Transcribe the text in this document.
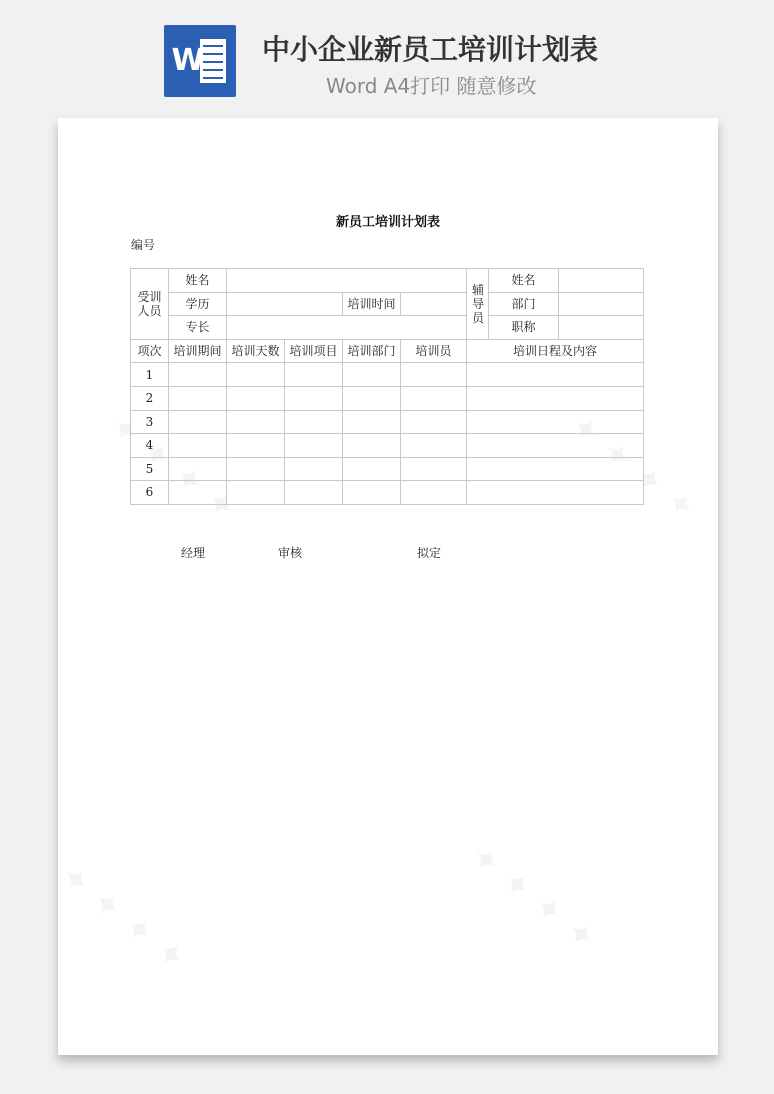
W 中小企业新员工培训计划表
Word A4打印 随意修改
新员工培训计划表
编号
受训人员	姓名					辅导员	姓名	
	学历			培训时间			部门	
	专长						职称	
项次	培训期间	培训天数	培训项目	培训部门	培训员	培训日程及内容		
1								
2								
3								
4								
5								
6								
经理	审核	拟定
